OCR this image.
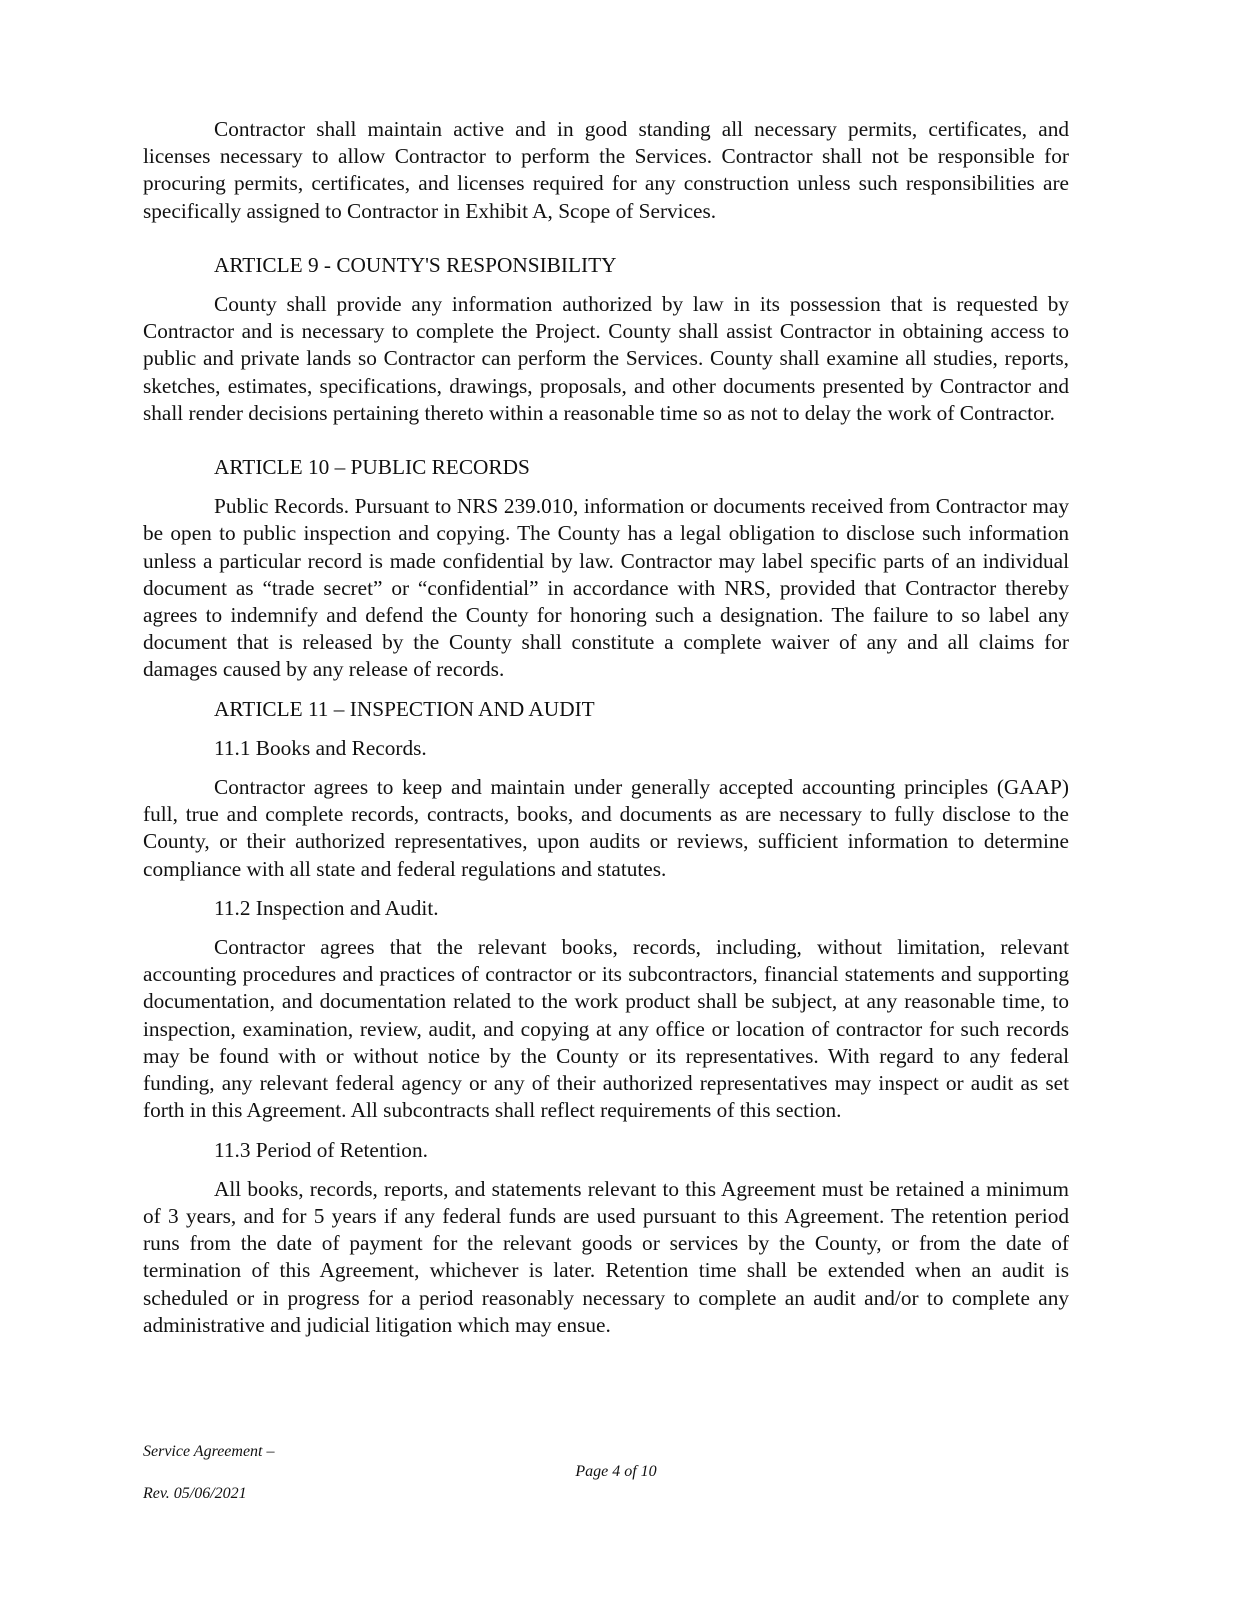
Contractor shall maintain active and in good standing all necessary permits, certificates, and licenses necessary to allow Contractor to perform the Services. Contractor shall not be responsible for procuring permits, certificates, and licenses required for any construction unless such responsibilities are specifically assigned to Contractor in Exhibit A, Scope of Services.

ARTICLE 9 - COUNTY'S RESPONSIBILITY

County shall provide any information authorized by law in its possession that is requested by Contractor and is necessary to complete the Project. County shall assist Contractor in obtaining access to public and private lands so Contractor can perform the Services. County shall examine all studies, reports, sketches, estimates, specifications, drawings, proposals, and other documents presented by Contractor and shall render decisions pertaining thereto within a reasonable time so as not to delay the work of Contractor.

ARTICLE 10 – PUBLIC RECORDS

Public Records. Pursuant to NRS 239.010, information or documents received from Contractor may be open to public inspection and copying. The County has a legal obligation to disclose such information unless a particular record is made confidential by law. Contractor may label specific parts of an individual document as “trade secret” or “confidential” in accordance with NRS, provided that Contractor thereby agrees to indemnify and defend the County for honoring such a designation. The failure to so label any document that is released by the County shall constitute a complete waiver of any and all claims for damages caused by any release of records.

ARTICLE 11 – INSPECTION AND AUDIT

11.1 Books and Records.

Contractor agrees to keep and maintain under generally accepted accounting principles (GAAP) full, true and complete records, contracts, books, and documents as are necessary to fully disclose to the County, or their authorized representatives, upon audits or reviews, sufficient information to determine compliance with all state and federal regulations and statutes.

11.2 Inspection and Audit.

Contractor agrees that the relevant books, records, including, without limitation, relevant accounting procedures and practices of contractor or its subcontractors, financial statements and supporting documentation, and documentation related to the work product shall be subject, at any reasonable time, to inspection, examination, review, audit, and copying at any office or location of contractor for such records may be found with or without notice by the County or its representatives. With regard to any federal funding, any relevant federal agency or any of their authorized representatives may inspect or audit as set forth in this Agreement. All subcontracts shall reflect requirements of this section.

11.3 Period of Retention.

All books, records, reports, and statements relevant to this Agreement must be retained a minimum of 3 years, and for 5 years if any federal funds are used pursuant to this Agreement. The retention period runs from the date of payment for the relevant goods or services by the County, or from the date of termination of this Agreement, whichever is later. Retention time shall be extended when an audit is scheduled or in progress for a period reasonably necessary to complete an audit and/or to complete any administrative and judicial litigation which may ensue.

Service Agreement –
Page 4 of 10
Rev. 05/06/2021
